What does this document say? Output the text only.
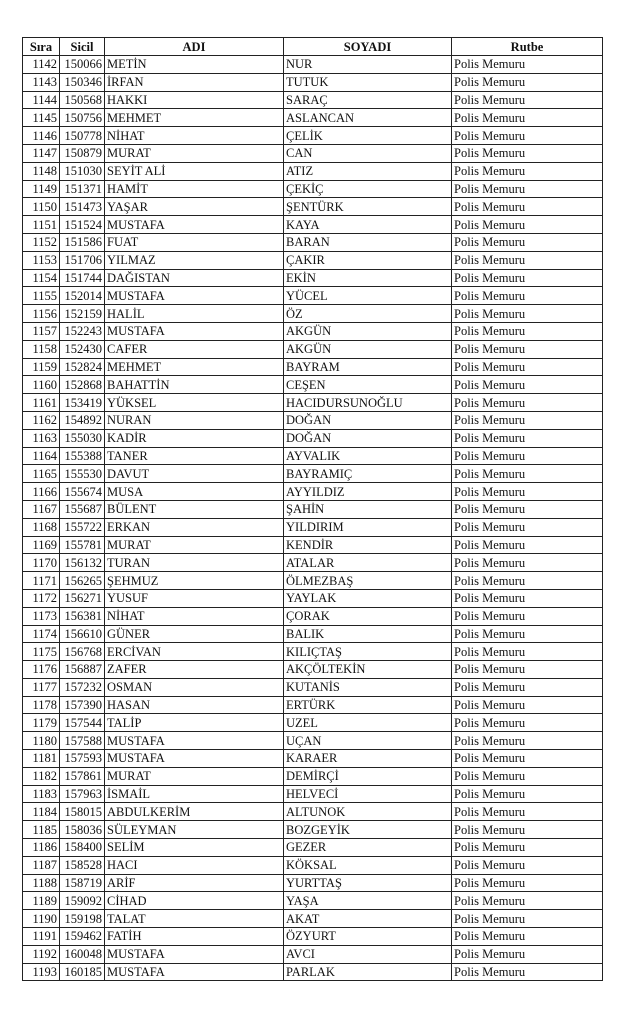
Sıra	Sicil	ADI	SOYADI	Rutbe
1142	150066	METİN	NUR	Polis Memuru
1143	150346	İRFAN	TUTUK	Polis Memuru
1144	150568	HAKKI	SARAÇ	Polis Memuru
1145	150756	MEHMET	ASLANCAN	Polis Memuru
1146	150778	NİHAT	ÇELİK	Polis Memuru
1147	150879	MURAT	CAN	Polis Memuru
1148	151030	SEYİT ALİ	ATIZ	Polis Memuru
1149	151371	HAMİT	ÇEKİÇ	Polis Memuru
1150	151473	YAŞAR	ŞENTÜRK	Polis Memuru
1151	151524	MUSTAFA	KAYA	Polis Memuru
1152	151586	FUAT	BARAN	Polis Memuru
1153	151706	YILMAZ	ÇAKIR	Polis Memuru
1154	151744	DAĞISTAN	EKİN	Polis Memuru
1155	152014	MUSTAFA	YÜCEL	Polis Memuru
1156	152159	HALİL	ÖZ	Polis Memuru
1157	152243	MUSTAFA	AKGÜN	Polis Memuru
1158	152430	CAFER	AKGÜN	Polis Memuru
1159	152824	MEHMET	BAYRAM	Polis Memuru
1160	152868	BAHATTİN	CEŞEN	Polis Memuru
1161	153419	YÜKSEL	HACIDURSUNOĞLU	Polis Memuru
1162	154892	NURAN	DOĞAN	Polis Memuru
1163	155030	KADİR	DOĞAN	Polis Memuru
1164	155388	TANER	AYVALIK	Polis Memuru
1165	155530	DAVUT	BAYRAMIÇ	Polis Memuru
1166	155674	MUSA	AYYILDIZ	Polis Memuru
1167	155687	BÜLENT	ŞAHİN	Polis Memuru
1168	155722	ERKAN	YILDIRIM	Polis Memuru
1169	155781	MURAT	KENDİR	Polis Memuru
1170	156132	TURAN	ATALAR	Polis Memuru
1171	156265	ŞEHMUZ	ÖLMEZBAŞ	Polis Memuru
1172	156271	YUSUF	YAYLAK	Polis Memuru
1173	156381	NİHAT	ÇORAK	Polis Memuru
1174	156610	GÜNER	BALIK	Polis Memuru
1175	156768	ERCİVAN	KILIÇTAŞ	Polis Memuru
1176	156887	ZAFER	AKÇÖLTEKİN	Polis Memuru
1177	157232	OSMAN	KUTANİS	Polis Memuru
1178	157390	HASAN	ERTÜRK	Polis Memuru
1179	157544	TALİP	UZEL	Polis Memuru
1180	157588	MUSTAFA	UÇAN	Polis Memuru
1181	157593	MUSTAFA	KARAER	Polis Memuru
1182	157861	MURAT	DEMİRÇİ	Polis Memuru
1183	157963	İSMAİL	HELVECİ	Polis Memuru
1184	158015	ABDULKERİM	ALTUNOK	Polis Memuru
1185	158036	SÜLEYMAN	BOZGEYİK	Polis Memuru
1186	158400	SELİM	GEZER	Polis Memuru
1187	158528	HACI	KÖKSAL	Polis Memuru
1188	158719	ARİF	YURTTAŞ	Polis Memuru
1189	159092	CİHAD	YAŞA	Polis Memuru
1190	159198	TALAT	AKAT	Polis Memuru
1191	159462	FATİH	ÖZYURT	Polis Memuru
1192	160048	MUSTAFA	AVCI	Polis Memuru
1193	160185	MUSTAFA	PARLAK	Polis Memuru
